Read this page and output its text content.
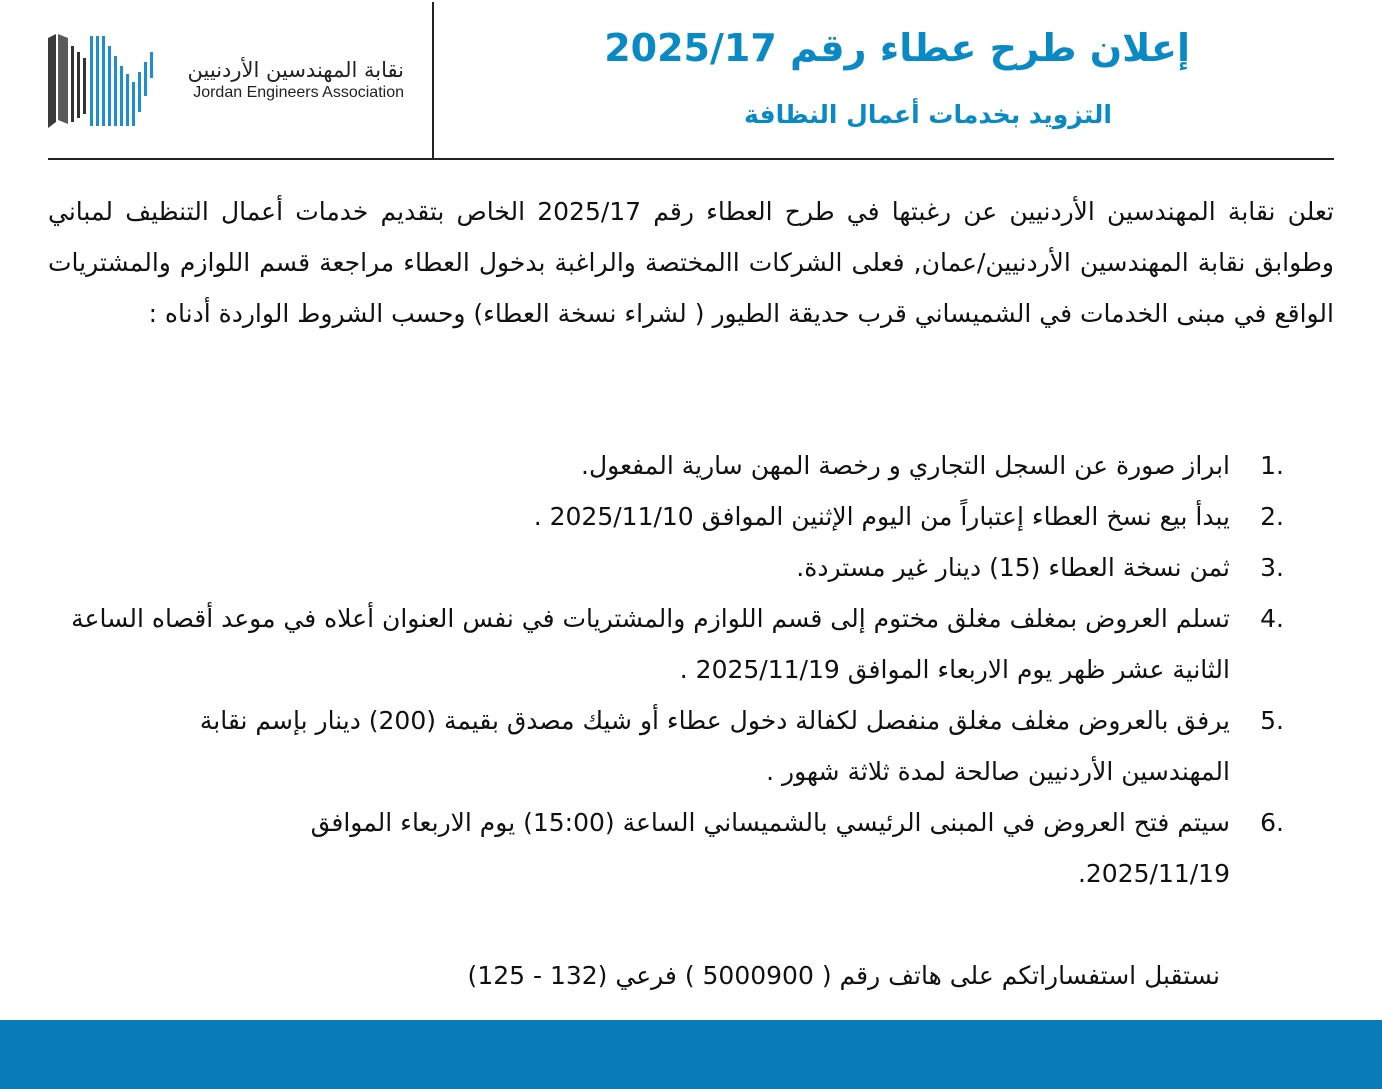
نقابة المهندسين الأردنيين
Jordan Engineers Association
إعلان طرح عطاء رقم 2025/17
التزويد بخدمات أعمال النظافة
تعلن نقابة المهندسين الأردنيين عن رغبتها في طرح العطاء رقم 2025/17 الخاص بتقديم خدمات أعمال التنظيف لمباني وطوابق نقابة المهندسين الأردنيين/عمان, فعلى الشركات االمختصة والراغبة بدخول العطاء مراجعة قسم اللوازم والمشتريات الواقع في مبنى الخدمات في الشميساني قرب حديقة الطيور ( لشراء نسخة العطاء) وحسب الشروط الواردة أدناه :
1.
ابراز صورة عن السجل التجاري و رخصة المهن سارية المفعول.
2.
يبدأ بيع نسخ العطاء إعتباراً من اليوم الإثنين الموافق 2025/11/10 .
3.
ثمن نسخة العطاء (15) دينار غير مستردة.
4.
تسلم العروض بمغلف مغلق مختوم إلى قسم اللوازم والمشتريات في نفس العنوان أعلاه في موعد أقصاه الساعة الثانية عشر ظهر يوم الاربعاء الموافق 2025/11/19 .
5.
يرفق بالعروض مغلف مغلق منفصل لكفالة دخول عطاء أو شيك مصدق بقيمة (200) دينار بإسم نقابة المهندسين الأردنيين صالحة لمدة ثلاثة شهور .
6.
سيتم فتح العروض في المبنى الرئيسي بالشميساني الساعة (15:00) يوم الاربعاء الموافق 2025/11/19.
نستقبل استفساراتكم على هاتف رقم ( 5000900 ) فرعي (132 - 125)
